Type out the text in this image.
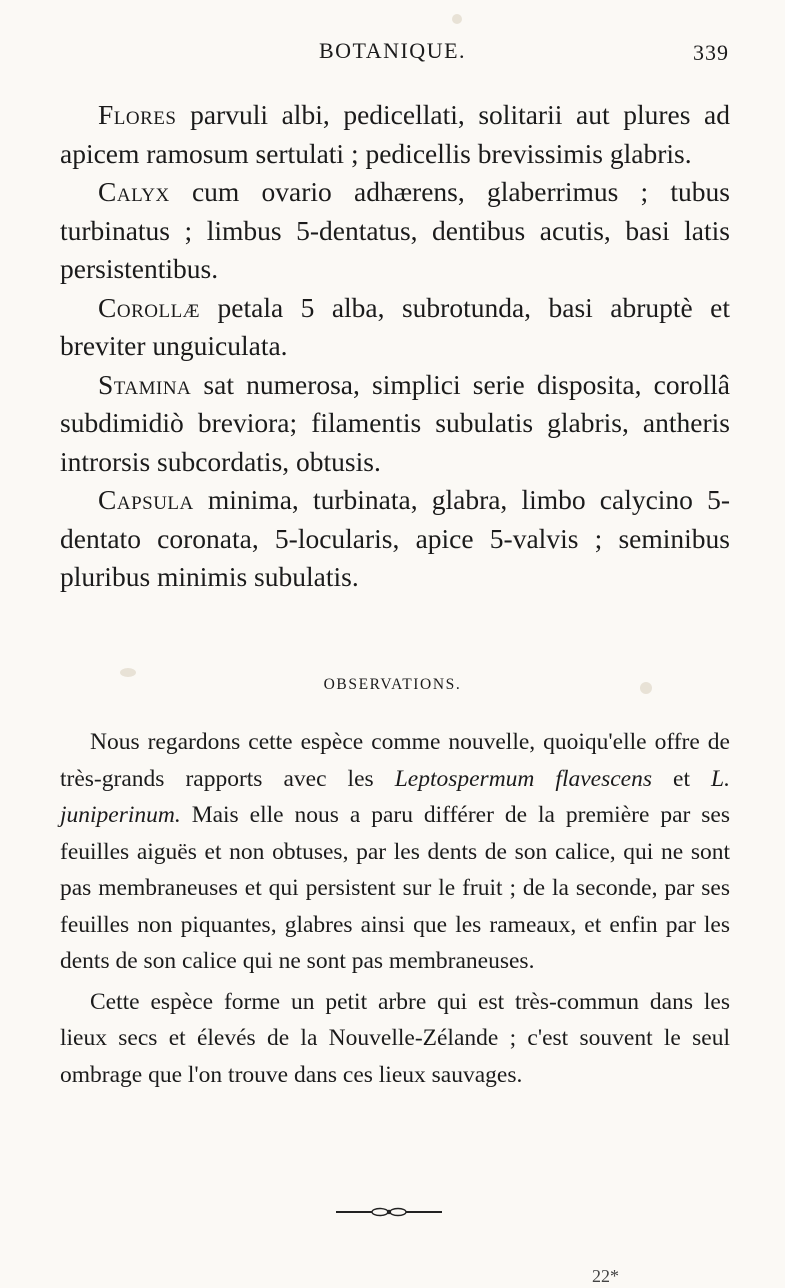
BOTANIQUE.	339

Flores parvuli albi, pedicellati, solitarii aut plures ad apicem ramosum sertulati ; pedicellis brevissimis glabris.

Calyx cum ovario adhærens, glaberrimus ; tubus turbinatus ; limbus 5-dentatus, dentibus acutis, basi latis persistentibus.

Corollæ petala 5 alba, subrotunda, basi abruptè et breviter unguiculata.

Stamina sat numerosa, simplici serie disposita, corollâ subdimidiò breviora; filamentis subulatis glabris, antheris introrsis subcordatis, obtusis.

Capsula minima, turbinata, glabra, limbo calycino 5-dentato coronata, 5-locularis, apice 5-valvis ; seminibus pluribus minimis subulatis.

OBSERVATIONS.

Nous regardons cette espèce comme nouvelle, quoiqu'elle offre de très-grands rapports avec les Leptospermum flavescens et L. juniperinum. Mais elle nous a paru différer de la première par ses feuilles aiguës et non obtuses, par les dents de son calice, qui ne sont pas membraneuses et qui persistent sur le fruit ; de la seconde, par ses feuilles non piquantes, glabres ainsi que les rameaux, et enfin par les dents de son calice qui ne sont pas membraneuses.

Cette espèce forme un petit arbre qui est très-commun dans les lieux secs et élevés de la Nouvelle-Zélande ; c'est souvent le seul ombrage que l'on trouve dans ces lieux sauvages.

22*
